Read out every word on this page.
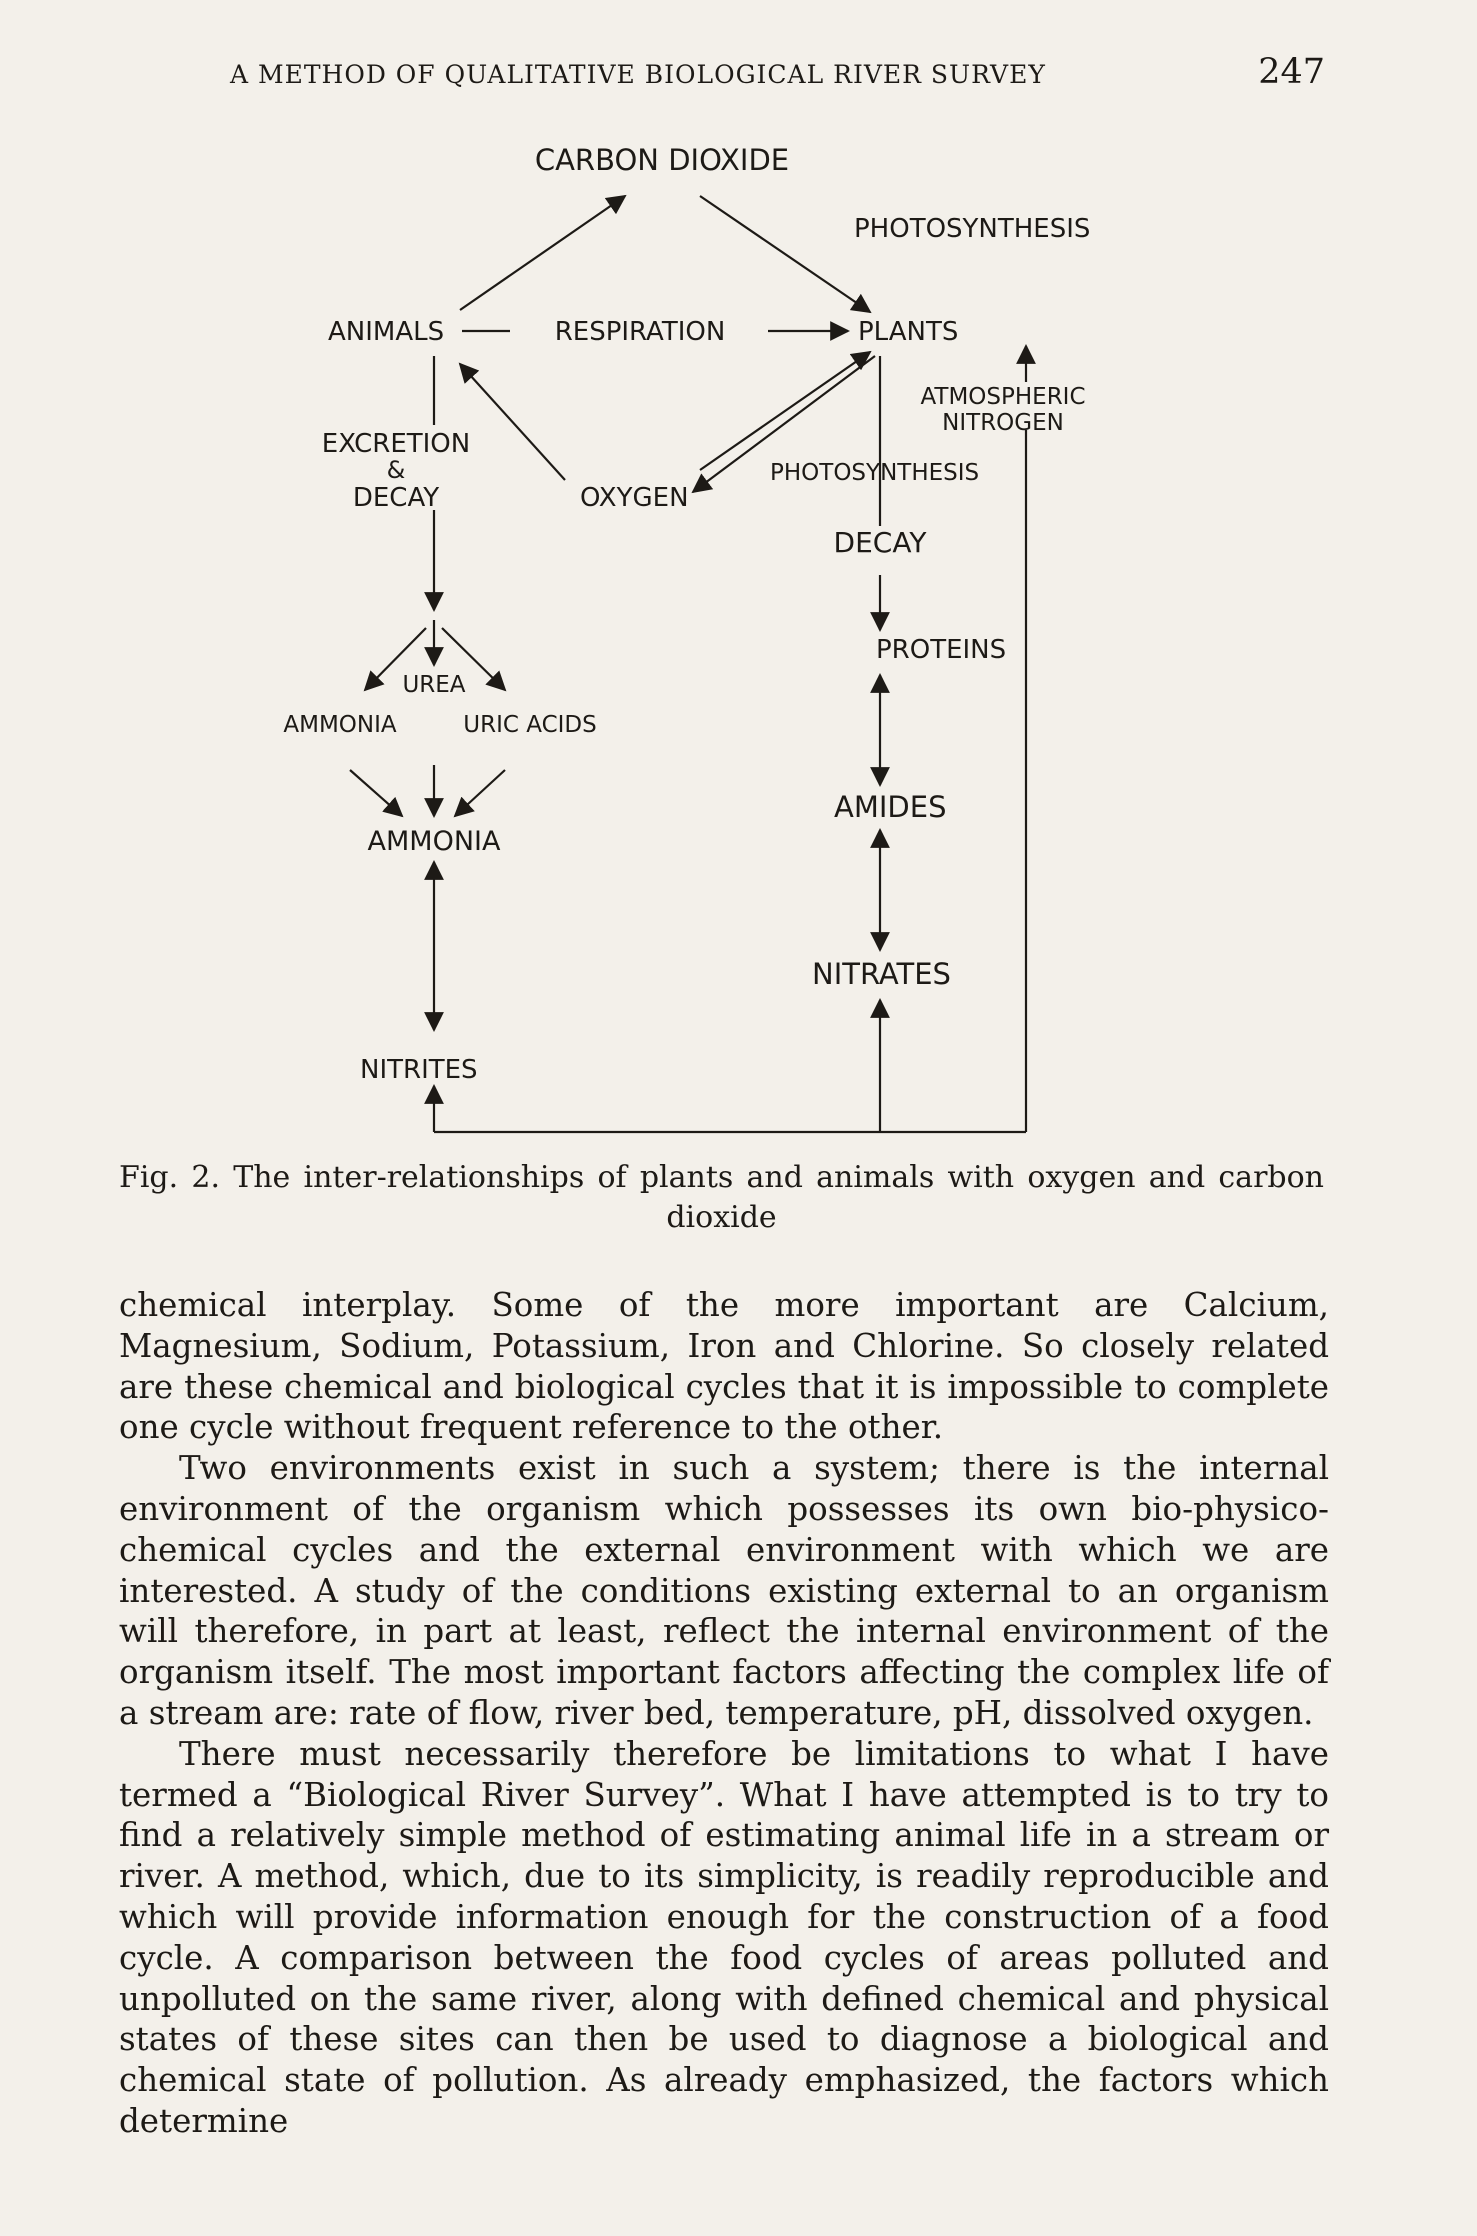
A METHOD OF QUALITATIVE BIOLOGICAL RIVER SURVEY	247
CARBON DIOXIDE
PHOTOSYNTHESIS
ANIMALS	RESPIRATION	PLANTS
ATMOSPHERIC
NITROGEN
EXCRETION
&
DECAY	OXYGEN
PHOTOSYNTHESIS
DECAY
PROTEINS
UREA
AMMONIA	URIC ACIDS
AMIDES
AMMONIA
NITRATES
NITRITES
Fig. 2. The inter-relationships of plants and animals with oxygen and carbon dioxide

chemical interplay. Some of the more important are Calcium, Magnesium, Sodium, Potassium, Iron and Chlorine. So closely related are these chemical and biological cycles that it is impossible to complete one cycle without frequent reference to the other.

Two environments exist in such a system; there is the internal environment of the organism which possesses its own bio-physico-chemical cycles and the external environment with which we are interested. A study of the conditions existing external to an organism will therefore, in part at least, reflect the internal environment of the organism itself. The most important factors affecting the complex life of a stream are: rate of flow, river bed, temperature, pH, dissolved oxygen.

There must necessarily therefore be limitations to what I have termed a “Biological River Survey”. What I have attempted is to try to find a relatively simple method of estimating animal life in a stream or river. A method, which, due to its simplicity, is readily reproducible and which will provide information enough for the construction of a food cycle. A comparison between the food cycles of areas polluted and unpolluted on the same river, along with defined chemical and physical states of these sites can then be used to diagnose a biological and chemical state of pollution. As already emphasized, the factors which determine
